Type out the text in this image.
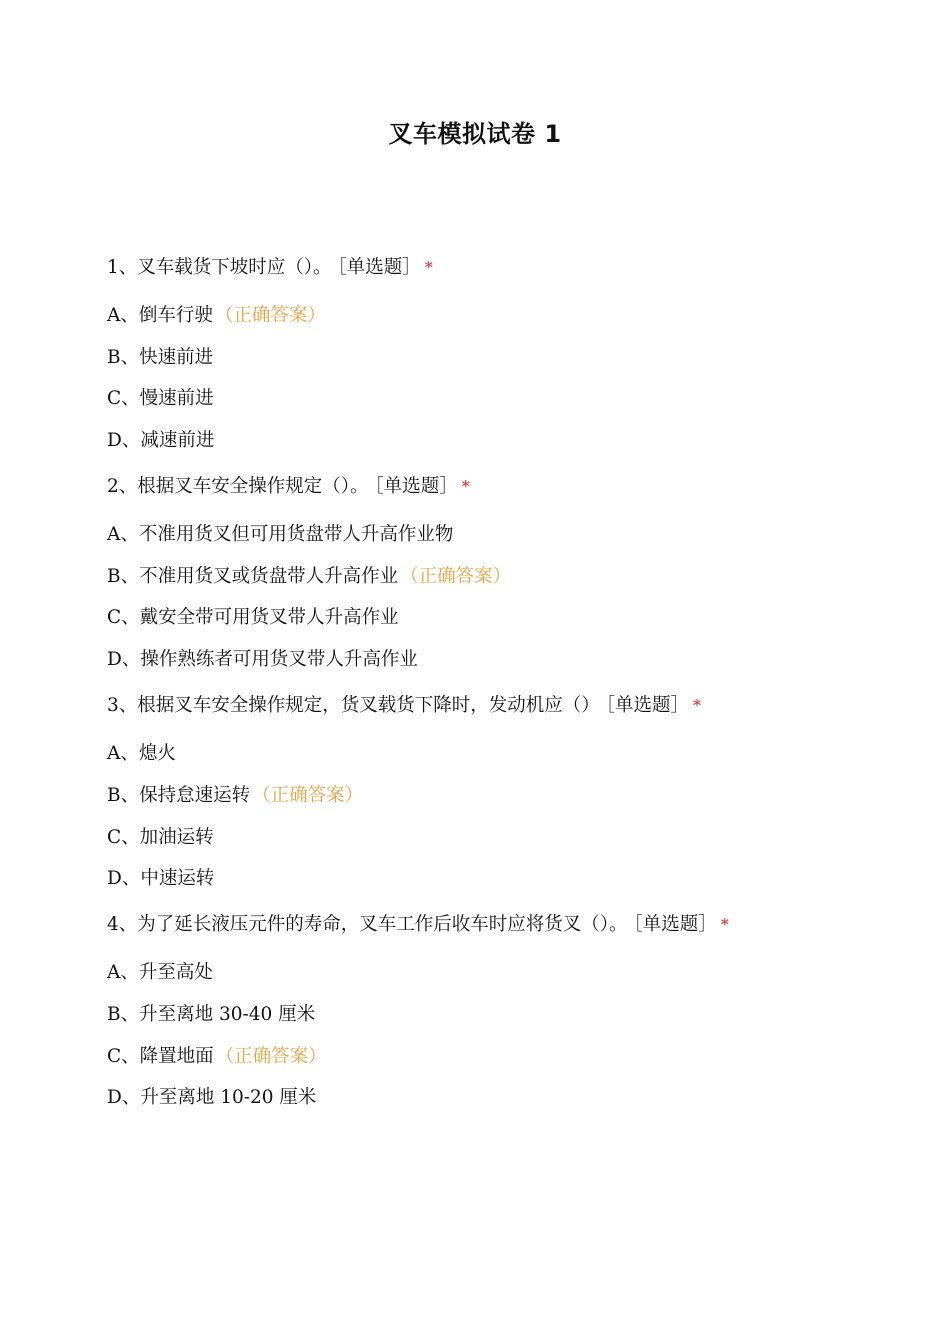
叉车模拟试卷 1
1、叉车载货下坡时应（）。 ［单选题］ *
A、倒车行驶 （正确答案）
B、快速前进
C、慢速前进
D、减速前进
2、根据叉车安全操作规定（）。 ［单选题］ *
A、不准用货叉但可用货盘带人升高作业物
B、不准用货叉或货盘带人升高作业 （正确答案）
C、戴安全带可用货叉带人升高作业
D、操作熟练者可用货叉带人升高作业
3、根据叉车安全操作规定，货叉载货下降时，发动机应（） ［单选题］ *
A、熄火
B、保持怠速运转 （正确答案）
C、加油运转
D、中速运转
4、为了延长液压元件的寿命，叉车工作后收车时应将货叉（）。 ［单选题］ *
A、升至高处
B、升至离地 30-40 厘米
C、降置地面 （正确答案）
D、升至离地 10-20 厘米
